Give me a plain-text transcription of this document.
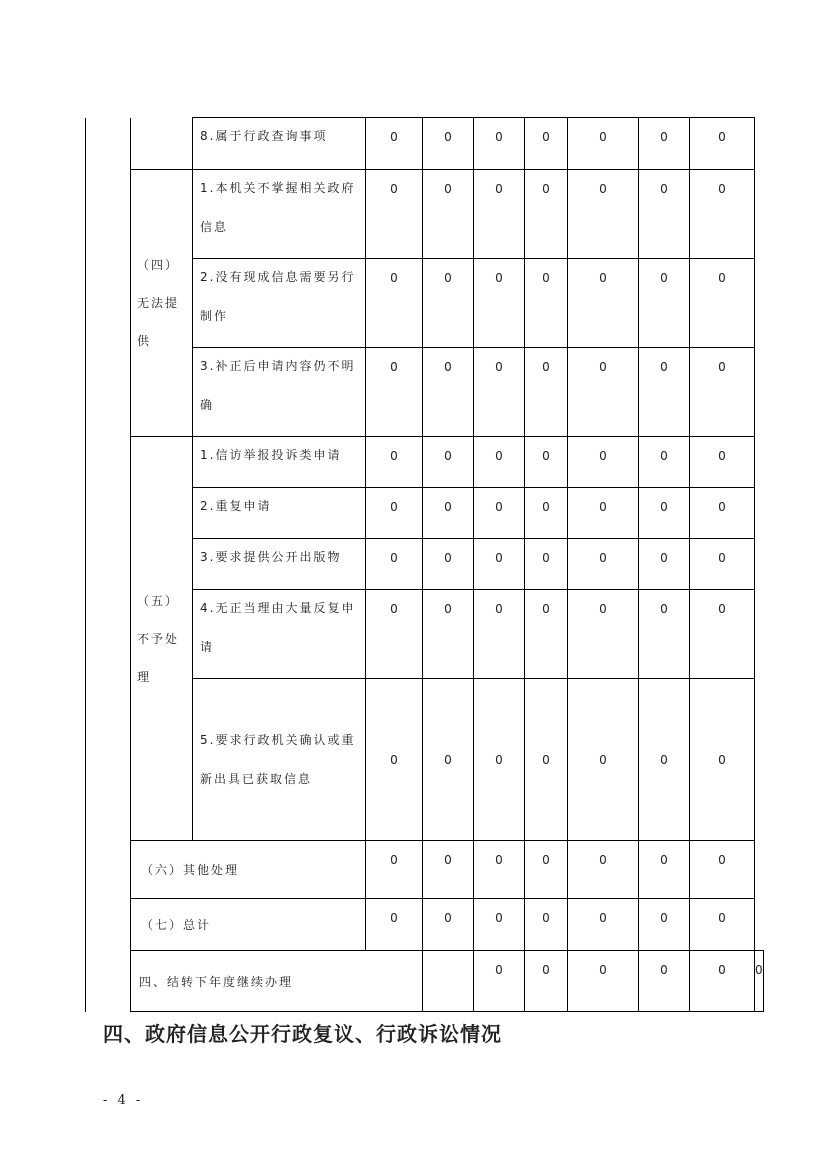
		8.属于行政查询事项	0	0	0	0	0	0	0	

	（四）
无法提
供	1.本机关不掌握相关政府信息	0	0	0	0	0	0	0	

		2.没有现成信息需要另行制作	0	0	0	0	0	0	0	

		3.补正后申请内容仍不明确	0	0	0	0	0	0	0	

	（五）
不予处
理	1.信访举报投诉类申请	0	0	0	0	0	0	0	

		2.重复申请	0	0	0	0	0	0	0	

		3.要求提供公开出版物	0	0	0	0	0	0	0	

		4.无正当理由大量反复申请	0	0	0	0	0	0	0	

		5.要求行政机关确认或重新出具已获取信息	0	0	0	0	0	0	0	
	（六）其他处理		0	0	0	0	0	0	0	
	（七）总计		0	0	0	0	0	0	0	
	四、结转下年度继续办理				0	0	0	0	0	0
四、政府信息公开行政复议、行政诉讼情况
- 4 -
